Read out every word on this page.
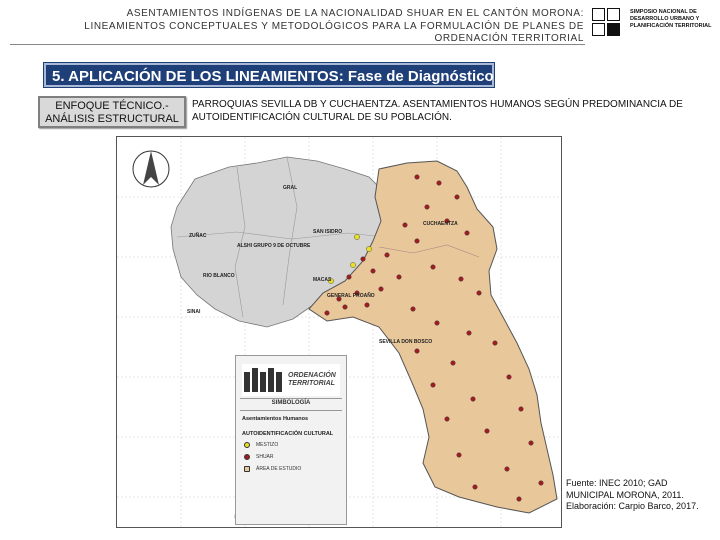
ASENTAMIENTOS INDÍGENAS DE LA NACIONALIDAD SHUAR EN EL CANTÓN MORONA:
LINEAMIENTOS CONCEPTUALES Y METODOLÓGICOS PARA LA FORMULACIÓN DE PLANES DE
ORDENACIÓN TERRITORIAL
SIMPOSIO NACIONAL DE
DESARROLLO URBANO Y
PLANIFICACIÓN TERRITORIAL
5. APLICACIÓN DE LOS LINEAMIENTOS: Fase de Diagnóstico
ENFOQUE TÉCNICO.-
ANÁLISIS ESTRUCTURAL
PARROQUIAS SEVILLA DB Y CUCHAENTZA. ASENTAMIENTOS HUMANOS SEGÚN PREDOMINANCIA DE AUTOIDENTIFICACIÓN CULTURAL DE SU POBLACIÓN.
GRAL
ZUÑAC
ALSHI GRUPO 9 DE OCTUBRE
SAN ISIDRO
MACAS
RIO BLANCO
GENERAL PROAÑO
CUCHAENTZA
SEVILLA DON BOSCO
SINAI
ORDENACIÓN
TERRITORIAL
SIMBOLOGÍA
Asentamientos Humanos
AUTOIDENTIFICACIÓN CULTURAL
MESTIZO
SHUAR
ÁREA DE ESTUDIO
Fuente: INEC 2010; GAD
MUNICIPAL MORONA, 2011.
Elaboración: Carpio Barco, 2017.
